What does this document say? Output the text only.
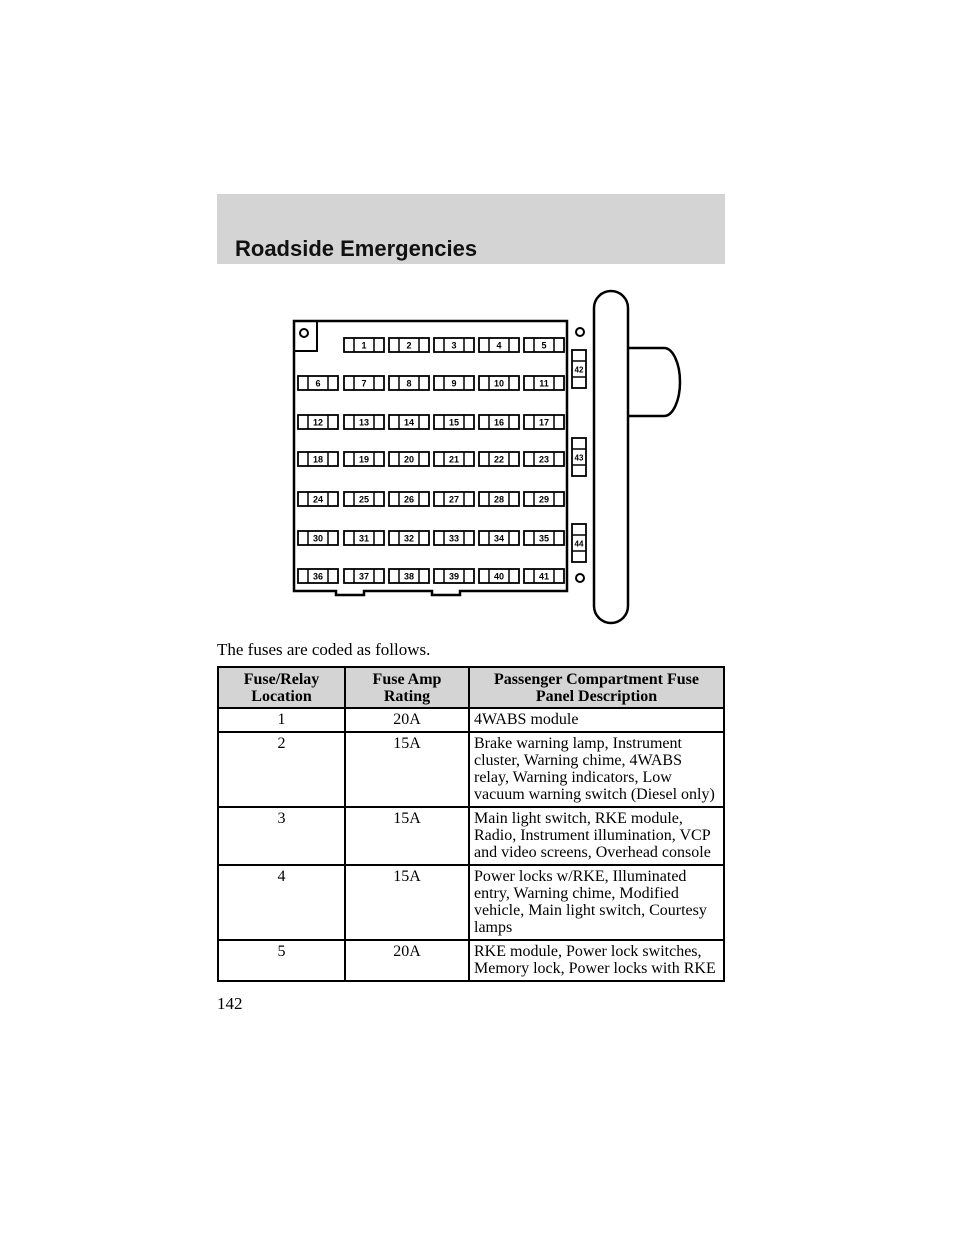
Roadside Emergencies
1	2	3	4	5
6	7	8	9	10	11
12	13	14	15	16	17
18	19	20	21	22	23
24	25	26	27	28	29
30	31	32	33	34	35
36	37	38	39	40	41
42
43
44
The fuses are coded as follows.
Fuse/Relay Location	Fuse Amp Rating	Passenger Compartment Fuse Panel Description
1	20A	4WABS module
2	15A	Brake warning lamp, Instrument cluster, Warning chime, 4WABS relay, Warning indicators, Low vacuum warning switch (Diesel only)
3	15A	Main light switch, RKE module, Radio, Instrument illumination, VCP and video screens, Overhead console
4	15A	Power locks w/RKE, Illuminated entry, Warning chime, Modified vehicle, Main light switch, Courtesy lamps
5	20A	RKE module, Power lock switches, Memory lock, Power locks with RKE
142
